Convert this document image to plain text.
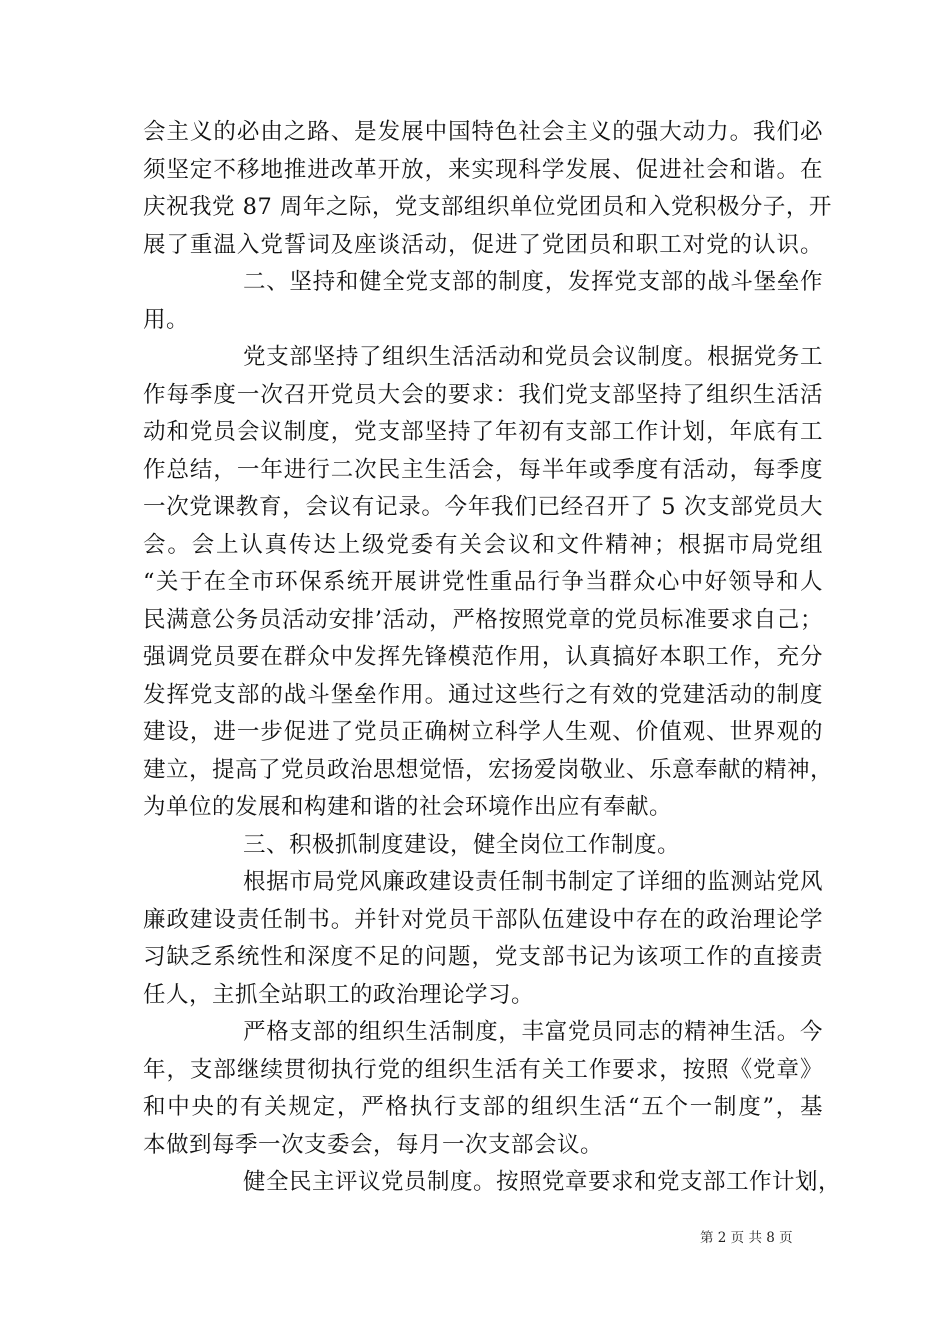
会主义的必由之路、是发展中国特色社会主义的强大动力。我们必
须坚定不移地推进改革开放，来实现科学发展、促进社会和谐。在
庆祝我党 87 周年之际，党支部组织单位党团员和入党积极分子，开
展了重温入党誓词及座谈活动，促进了党团员和职工对党的认识。
二、坚持和健全党支部的制度，发挥党支部的战斗堡垒作
用。
党支部坚持了组织生活活动和党员会议制度。根据党务工
作每季度一次召开党员大会的要求：我们党支部坚持了组织生活活
动和党员会议制度，党支部坚持了年初有支部工作计划，年底有工
作总结，一年进行二次民主生活会，每半年或季度有活动，每季度
一次党课教育，会议有记录。今年我们已经召开了 5 次支部党员大
会。会上认真传达上级党委有关会议和文件精神；根据市局党组
“关于在全市环保系统开展讲党性重品行争当群众心中好领导和人
民满意公务员活动安排’活动，严格按照党章的党员标准要求自己；
强调党员要在群众中发挥先锋模范作用，认真搞好本职工作，充分
发挥党支部的战斗堡垒作用。通过这些行之有效的党建活动的制度
建设，进一步促进了党员正确树立科学人生观、价值观、世界观的
建立，提高了党员政治思想觉悟，宏扬爱岗敬业、乐意奉献的精神，
为单位的发展和构建和谐的社会环境作出应有奉献。
三、积极抓制度建设，健全岗位工作制度。
根据市局党风廉政建设责任制书制定了详细的监测站党风
廉政建设责任制书。并针对党员干部队伍建设中存在的政治理论学
习缺乏系统性和深度不足的问题，党支部书记为该项工作的直接责
任人，主抓全站职工的政治理论学习。
严格支部的组织生活制度，丰富党员同志的精神生活。今
年，支部继续贯彻执行党的组织生活有关工作要求，按照《党章》
和中央的有关规定，严格执行支部的组织生活“五个一制度”，基
本做到每季一次支委会，每月一次支部会议。
健全民主评议党员制度。按照党章要求和党支部工作计划，
第 2 页 共 8 页
